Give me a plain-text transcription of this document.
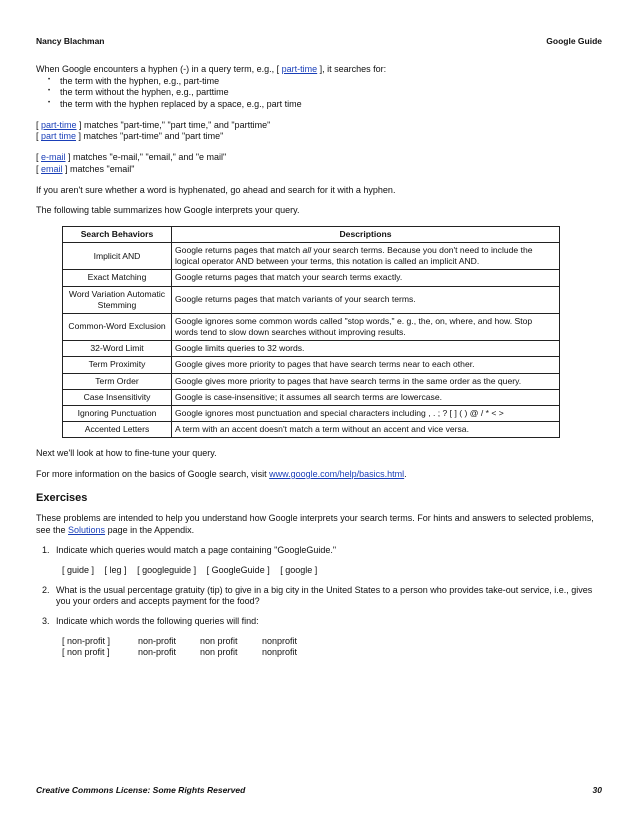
Nancy Blachman	Google Guide
When Google encounters a hyphen (-) in a query term, e.g., [ part-time ], it searches for:
• the term with the hyphen, e.g., part-time
• the term without the hyphen, e.g., parttime
• the term with the hyphen replaced by a space, e.g., part time

[ part-time ] matches "part-time," "part time," and "parttime"

[ part time ] matches "part-time" and "part time"

[ e-mail ] matches "e-mail," "email," and "e mail"

[ email ] matches "email"

If you aren't sure whether a word is hyphenated, go ahead and search for it with a hyphen.

The following table summarizes how Google interprets your query.

Search Behaviors	Descriptions
Implicit AND	Google returns pages that match all your search terms. Because you don't need to include the logical operator AND between your terms, this notation is called an implicit AND.
Exact Matching	Google returns pages that match your search terms exactly.
Word Variation Automatic Stemming	Google returns pages that match variants of your search terms.
Common-Word Exclusion	Google ignores some common words called "stop words," e. g., the, on, where, and how. Stop words tend to slow down searches without improving results.
32-Word Limit	Google limits queries to 32 words.
Term Proximity	Google gives more priority to pages that have search terms near to each other.
Term Order	Google gives more priority to pages that have search terms in the same order as the query.
Case Insensitivity	Google is case-insensitive; it assumes all search terms are lowercase.
Ignoring Punctuation	Google ignores most punctuation and special characters including , . ; ? [ ] ( ) @ / * < >
Accented Letters	A term with an accent doesn't match a term without an accent and vice versa.

Next we'll look at how to fine-tune your query.

For more information on the basics of Google search, visit www.google.com/help/basics.html.

Exercises

These problems are intended to help you understand how Google interprets your search terms. For hints and answers to selected problems, see the Solutions page in the Appendix.

1. Indicate which queries would match a page containing "GoogleGuide."
[ guide ] [ leg ] [ googleguide ] [ GoogleGuide ] [ google ]
2. What is the usual percentage gratuity (tip) to give in a big city in the United States to a person who provides take-out service, i.e., gives you your orders and accepts payment for the food?
3. Indicate which words the following queries will find:
[ non-profit ]	non-profit	non profit	nonprofit
[ non profit ]	non-profit	non profit	nonprofit
Creative Commons License: Some Rights Reserved	30
